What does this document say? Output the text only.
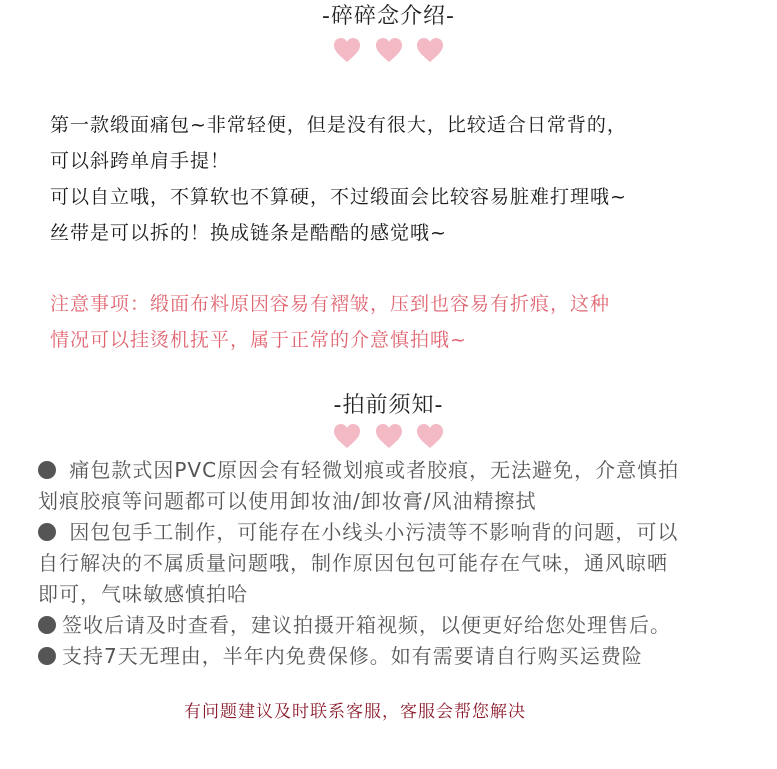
-碎碎念介绍-

第一款缎面痛包~非常轻便，但是没有很大，比较适合日常背的，

可以斜跨单肩手提！

可以自立哦，不算软也不算硬，不过缎面会比较容易脏难打理哦~

丝带是可以拆的！换成链条是酷酷的感觉哦~

注意事项：缎面布料原因容易有褶皱，压到也容易有折痕，这种

情况可以挂烫机抚平，属于正常的介意慎拍哦~

-拍前须知-

痛包款式因PVC原因会有轻微划痕或者胶痕，无法避免，介意慎拍

划痕胶痕等问题都可以使用卸妆油/卸妆膏/风油精擦拭

因包包手工制作，可能存在小线头小污渍等不影响背的问题，可以

自行解决的不属质量问题哦，制作原因包包可能存在气味，通风晾晒

即可，气味敏感慎拍哈

签收后请及时查看，建议拍摄开箱视频，以便更好给您处理售后。

支持7天无理由，半年内免费保修。如有需要请自行购买运费险

有问题建议及时联系客服，客服会帮您解决
